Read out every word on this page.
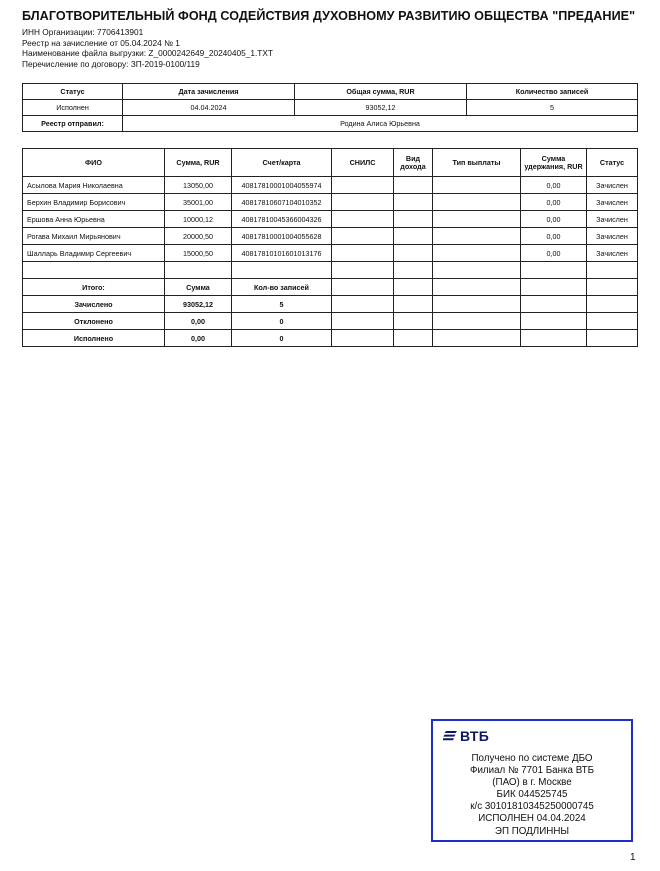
БЛАГОТВОРИТЕЛЬНЫЙ ФОНД СОДЕЙСТВИЯ ДУХОВНОМУ РАЗВИТИЮ ОБЩЕСТВА "ПРЕДАНИЕ"
ИНН Организации: 7706413901
Реестр на зачисление от 05.04.2024 № 1
Наименование файла выгрузки: Z_0000242649_20240405_1.TXT
Перечисление по договору: ЗП-2019-0100/119
Статус	Дата зачисления	Общая сумма, RUR	Количество записей
Исполнен	04.04.2024	93052,12	5
Реестр отправил:	Родина Алиса Юрьевна		
ФИО	Сумма, RUR	Счет/карта	СНИЛС	Вид дохода	Тип выплаты	Сумма удержания, RUR	Статус
Асылова Мария Николаевна	13050,00	40817810001004055974				0,00	Зачислен
Берхин Владимир Борисович	35001,00	40817810607104010352				0,00	Зачислен
Ершова Анна Юрьевна	10000,12	40817810045366004326				0,00	Зачислен
Рогава Михаил Мирьянович	20000,50	40817810001004055628				0,00	Зачислен
Шалларь Владимир Сергеевич	15000,50	40817810101601013176				0,00	Зачислен

Итого:	Сумма	Кол-во записей					
Зачислено	93052,12	5					
Отклонено	0,00	0					
Исполнено	0,00	0					
ВТБ
Получено по системе ДБО
Филиал № 7701 Банка ВТБ
(ПАО) в г. Москве
БИК 044525745
к/с 30101810345250000745
ИСПОЛНЕН 04.04.2024
ЭП ПОДЛИННЫ
1
